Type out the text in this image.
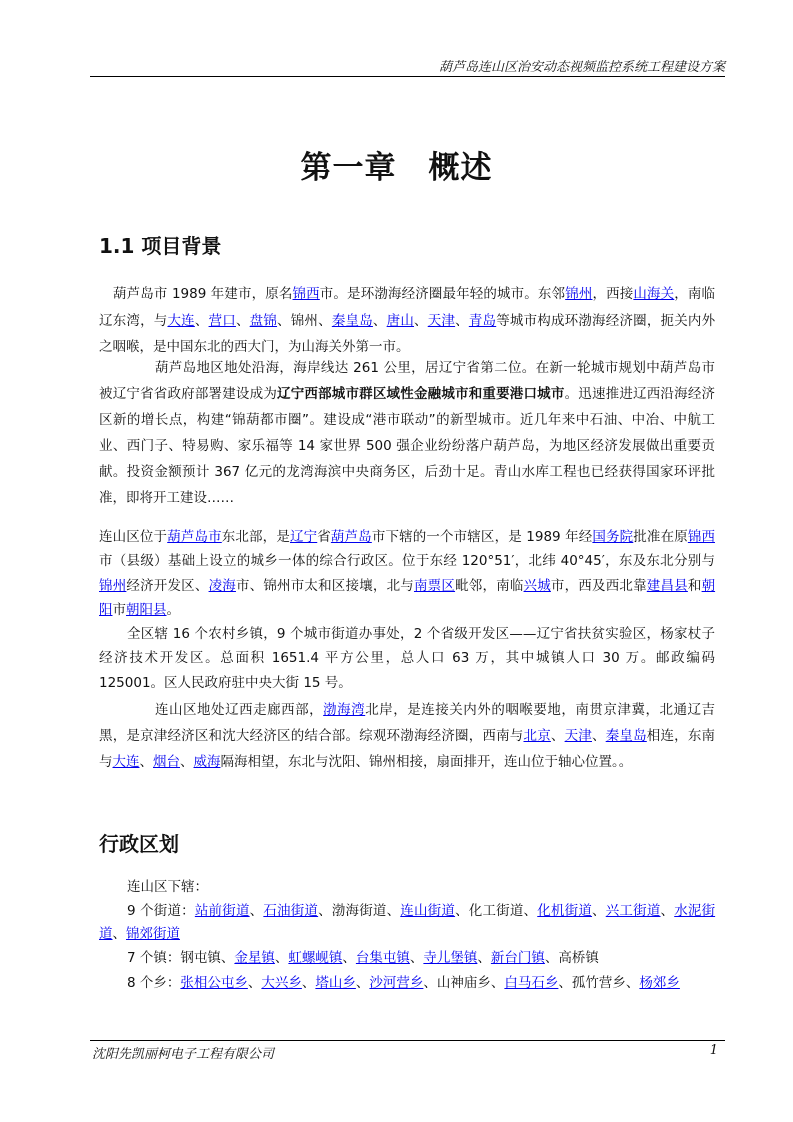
葫芦岛连山区治安动态视频监控系统工程建设方案
第一章　概述
1.1 项目背景
葫芦岛市 1989 年建市，原名锦西市。是环渤海经济圈最年轻的城市。东邻锦州，西接山海关，南临辽东湾，与大连、营口、盘锦、锦州、秦皇岛、唐山、天津、青岛等城市构成环渤海经济圈，扼关内外之咽喉，是中国东北的西大门，为山海关外第一市。
葫芦岛地区地处沿海，海岸线达 261 公里，居辽宁省第二位。在新一轮城市规划中葫芦岛市被辽宁省省政府部署建设成为辽宁西部城市群区域性金融城市和重要港口城市。迅速推进辽西沿海经济区新的增长点，构建“锦葫都市圈”。建设成“港市联动”的新型城市。近几年来中石油、中冶、中航工业、西门子、特易购、家乐福等 14 家世界 500 强企业纷纷落户葫芦岛，为地区经济发展做出重要贡献。投资金额预计 367 亿元的龙湾海滨中央商务区，后劲十足。青山水库工程也已经获得国家环评批准，即将开工建设……
连山区位于葫芦岛市东北部，是辽宁省葫芦岛市下辖的一个市辖区，是 1989 年经国务院批准在原锦西市（县级）基础上设立的城乡一体的综合行政区。位于东经 120°51′，北纬 40°45′，东及东北分别与锦州经济开发区、凌海市、锦州市太和区接壤，北与南票区毗邻，南临兴城市，西及西北靠建昌县和朝阳市朝阳县。
全区辖 16 个农村乡镇，9 个城市街道办事处，2 个省级开发区——辽宁省扶贫实验区，杨家杖子经济技术开发区。总面积 1651.4 平方公里，总人口 63 万，其中城镇人口 30 万。邮政编码 125001。区人民政府驻中央大街 15 号。
连山区地处辽西走廊西部，渤海湾北岸，是连接关内外的咽喉要地，南贯京津冀，北通辽吉黑，是京津经济区和沈大经济区的结合部。综观环渤海经济圈，西南与北京、天津、秦皇岛相连，东南与大连、烟台、威海隔海相望，东北与沈阳、锦州相接，扇面排开，连山位于轴心位置。。
行政区划
连山区下辖：
9 个街道：站前街道、石油街道、渤海街道、连山街道、化工街道、化机街道、兴工街道、水泥街道、锦郊街道
7 个镇：钢屯镇、金星镇、虹螺岘镇、台集屯镇、寺儿堡镇、新台门镇、高桥镇
8 个乡：张相公屯乡、大兴乡、塔山乡、沙河营乡、山神庙乡、白马石乡、孤竹营乡、杨郊乡
沈阳先凯丽柯电子工程有限公司	1
